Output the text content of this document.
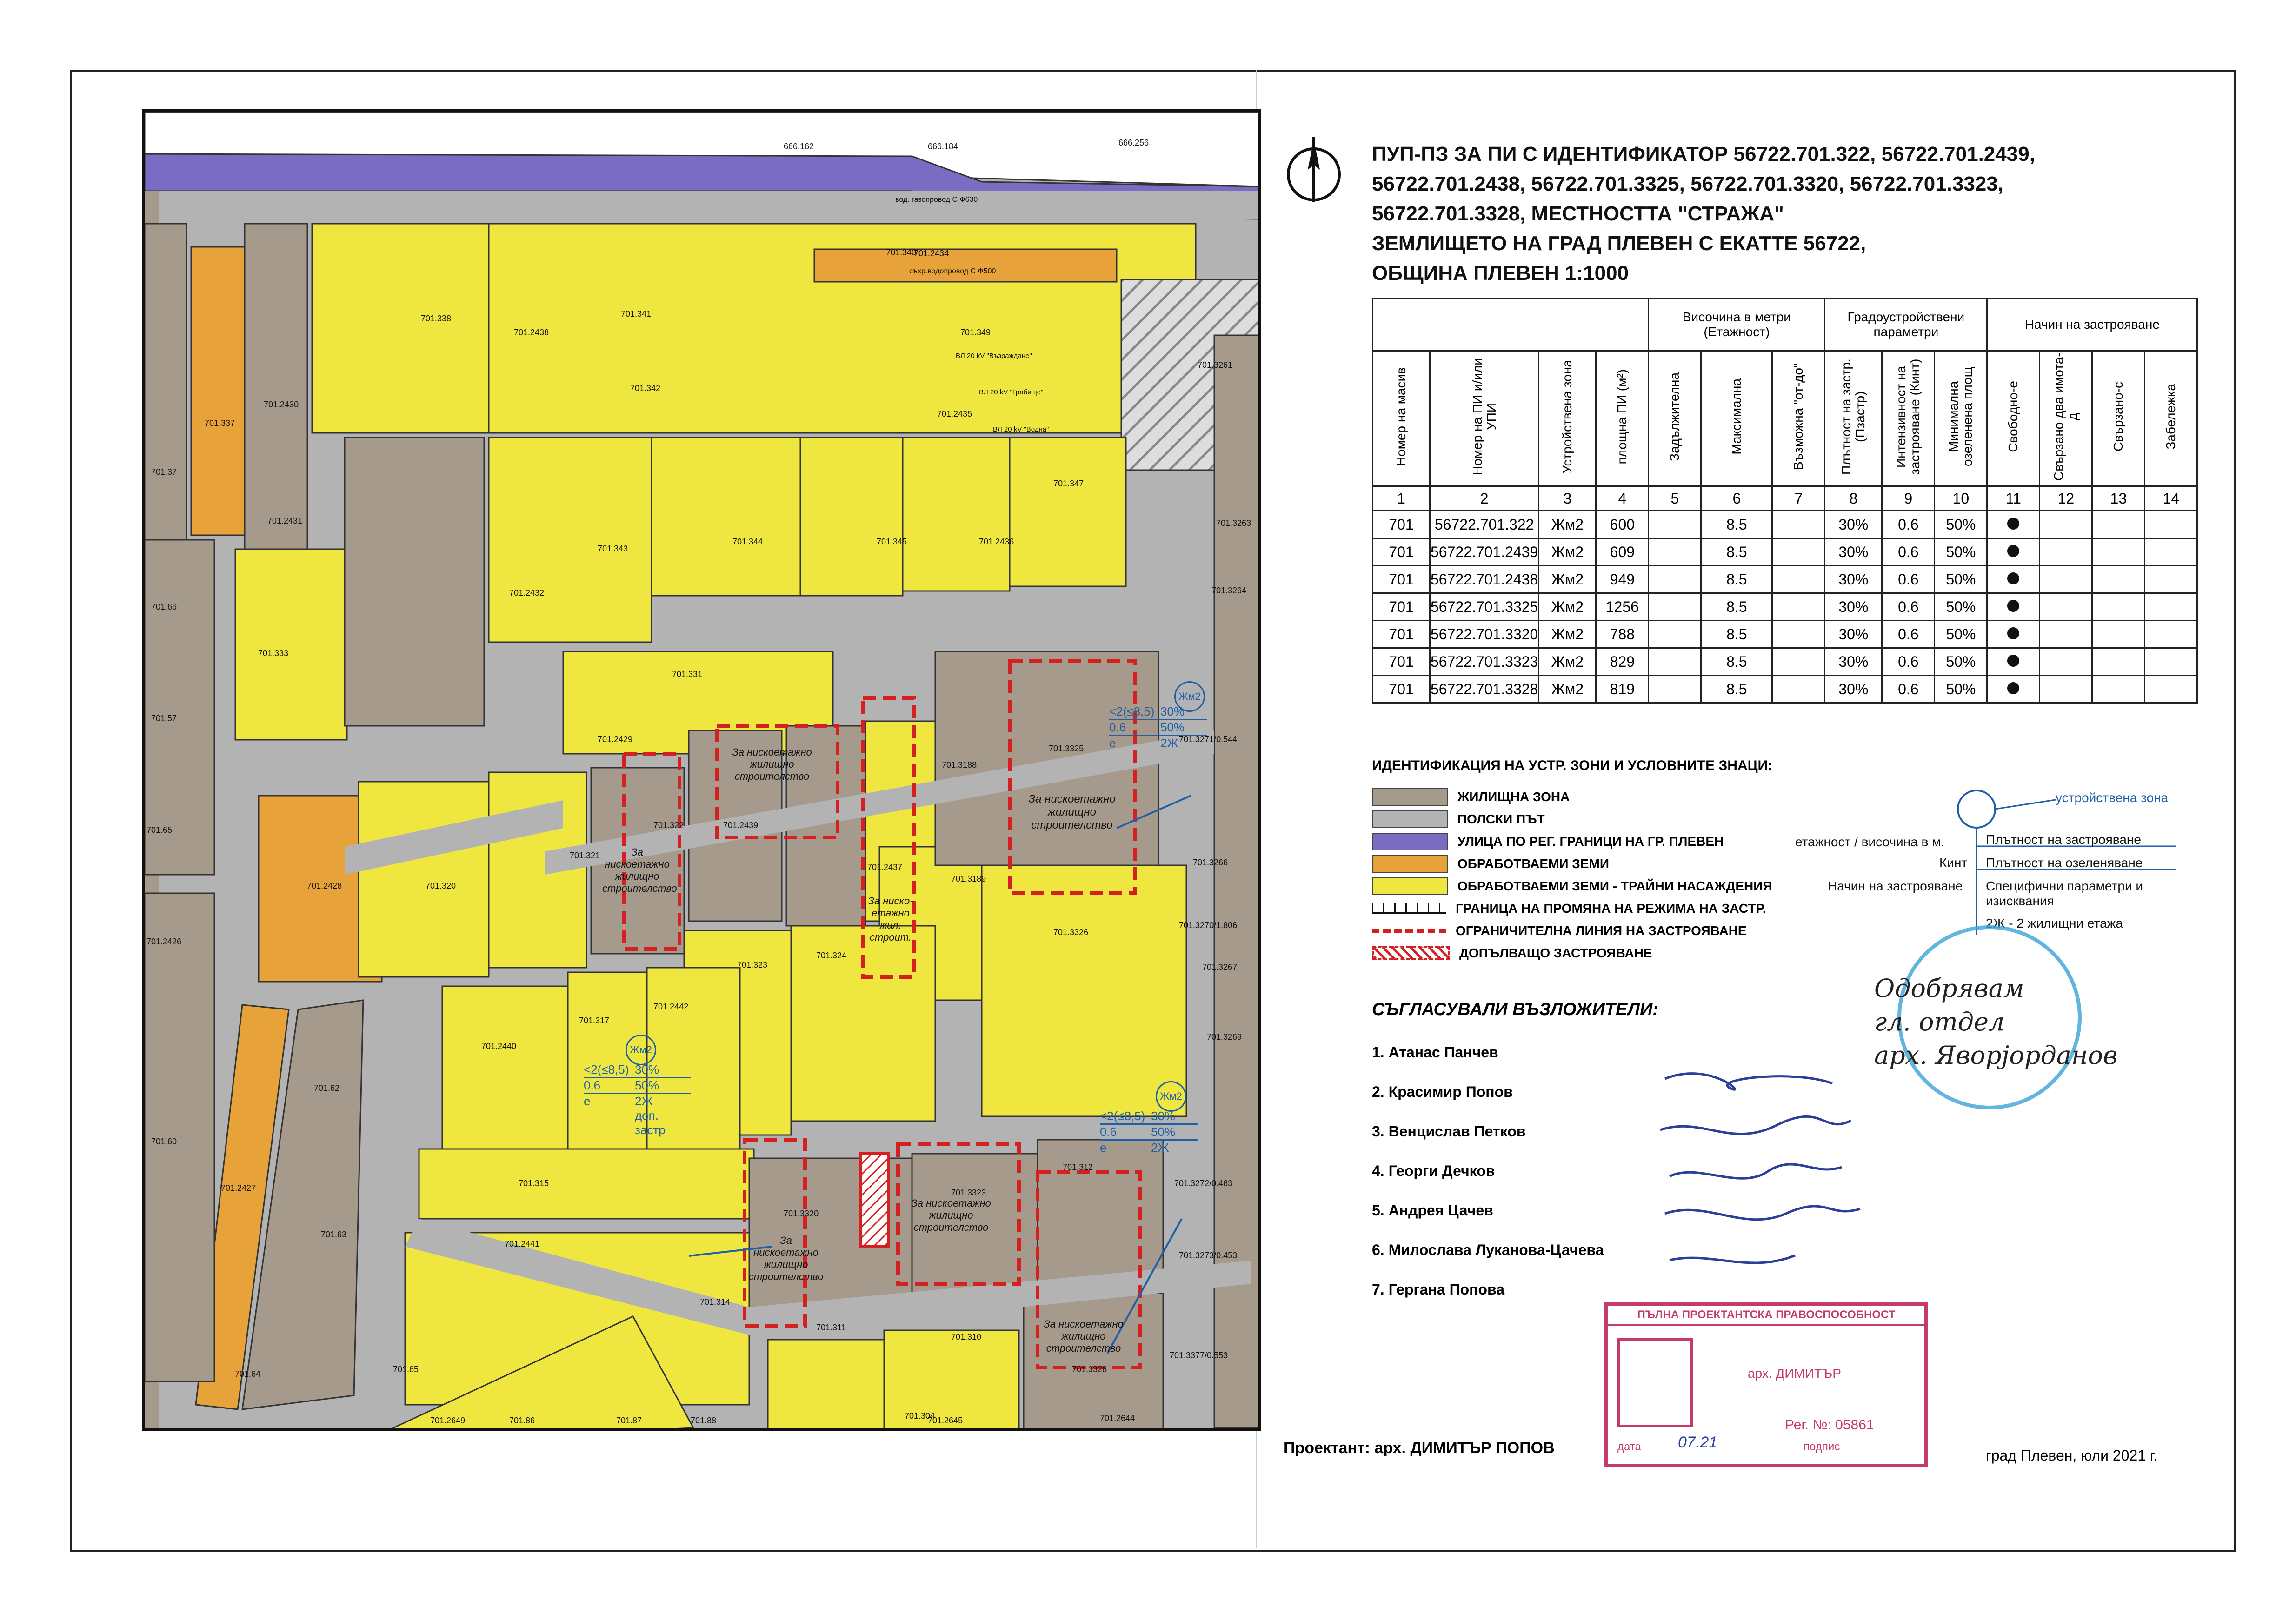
666.162	666.184	666.256
701.340
701.2434
701.338
701.2438
701.341
701.349
701.3261
701.337
701.2430
701.342
701.2435
701.347
701.37
701.2431
701.343
701.344	701.345	701.2436
701.3263
701.66
701.333
701.2432
701.331
701.3264
701.57
701.2429
701.322	701.2439
701.2437
701.3188
701.3325
701.3271/0.544
701.65
701.2428	701.320
701.321
701.3189
701.3266
701.2426
701.323
701.324
701.3326
701.3270/1.806
701.3267
701.2440
701.317
701.2442
701.3269
701.62
701.60
701.2427	701.315
701.3320
701.3323
701.312
701.3272/0.463
701.63
701.2441
701.314
701.311
701.310
701.3328
701.3273/0.453
701.64	701.85
701.2649	701.86	701.87	701.88	701.2645	701.2644
701.304
701.3377/0.553
вод. газопровод С Ф630
съхр.водопровод С Ф500
ВЛ 20 kV "Възраждане"
ВЛ 20 kV "Грабище"
ВЛ 20 kV "Водна"
За нискоетажно жилищно строителство
За нискоетажно жилищно строителство
За ниско-етажно жил. строит.
За нискоетажно жилищно строителство
За нискоетажно жилищно строителство
За нискоетажно жилищно строителство
За нискоетажно жилищно строителство
Жм2
<2(≤8,5) 30%
0.6	50%
е	2Ж
Жм2
<2(≤8,5) 30%
0.6	50%
е	2Ж
доп. застр
Жм2
<2(≤8,5) 30%
0.6	50%
е	2Ж
ПУП-ПЗ ЗА ПИ С ИДЕНТИФИКАТОР 56722.701.322, 56722.701.2439,
56722.701.2438, 56722.701.3325, 56722.701.3320, 56722.701.3323,
56722.701.3328, МЕСТНОСТТА "СТРАЖА"
ЗЕМЛИЩЕТО НА ГРАД ПЛЕВЕН С ЕКАТТЕ 56722,
ОБЩИНА ПЛЕВЕН 1:1000
				Височина в метри (Етажност)			Градоустройствени параметри			Начин на застрояване			
Номер на масив	Номер на ПИ и/или УПИ	Устройствена зона	площна ПИ (м²)	Задължителна	Максимална	Възможна "от-до"	Плътност на застр. (Пзастр)	Интензивност на застрояване (Кинт)	Минимална озеленена площ	Свободно-е	Свързано два имота-д	Свързано-с	Забележка
1	2	3	4	5	6	7	8	9	10	11	12	13	14
701	56722.701.322	Жм2	600		8.5		30%	0.6	50%				
701	56722.701.2439	Жм2	609		8.5		30%	0.6	50%				
701	56722.701.2438	Жм2	949		8.5		30%	0.6	50%				
701	56722.701.3325	Жм2	1256		8.5		30%	0.6	50%				
701	56722.701.3320	Жм2	788		8.5		30%	0.6	50%				
701	56722.701.3323	Жм2	829		8.5		30%	0.6	50%				
701	56722.701.3328	Жм2	819		8.5		30%	0.6	50%				
ИДЕНТИФИКАЦИЯ НА УСТР. ЗОНИ И УСЛОВНИТЕ ЗНАЦИ:
ЖИЛИЩНА ЗОНА
ПОЛСКИ ПЪТ
УЛИЦА ПО РЕГ. ГРАНИЦИ НА ГР. ПЛЕВЕН
ОБРАБОТВАЕМИ ЗЕМИ
ОБРАБОТВАЕМИ ЗЕМИ - ТРАЙНИ НАСАЖДЕНИЯ
ГРАНИЦА НА ПРОМЯНА НА РЕЖИМА НА ЗАСТР.
ОГРАНИЧИТЕЛНА ЛИНИЯ НА ЗАСТРОЯВАНЕ
ДОПЪЛВАЩО ЗАСТРОЯВАНЕ
устройствена зона
етажност / височина в м.	Плътност на застрояване
Кинт Плътност на озеленяване
Начин на застрояване Специфични параметри и изисквания
2Ж - 2 жилищни етажа
Одобрявам
гл. отдел
арх. Яворјорданов
СЪГЛАСУВАЛИ ВЪЗЛОЖИТЕЛИ:
1. Атанас Панчев
2. Красимир Попов
3. Венцислав Петков
4. Георги Дечков
5. Андрея Цачев
6. Милослава Луканова-Цачева
7. Гергана Попова
ПЪЛНА ПРОЕКТАНТСКА ПРАВОСПОСОБНОСТ
арх. ДИМИТЪР
Рег. №: 05861
дата 07.21	подпис
Проектант: арх. ДИМИТЪР ПОПОВ	град Плевен, юли 2021 г.
